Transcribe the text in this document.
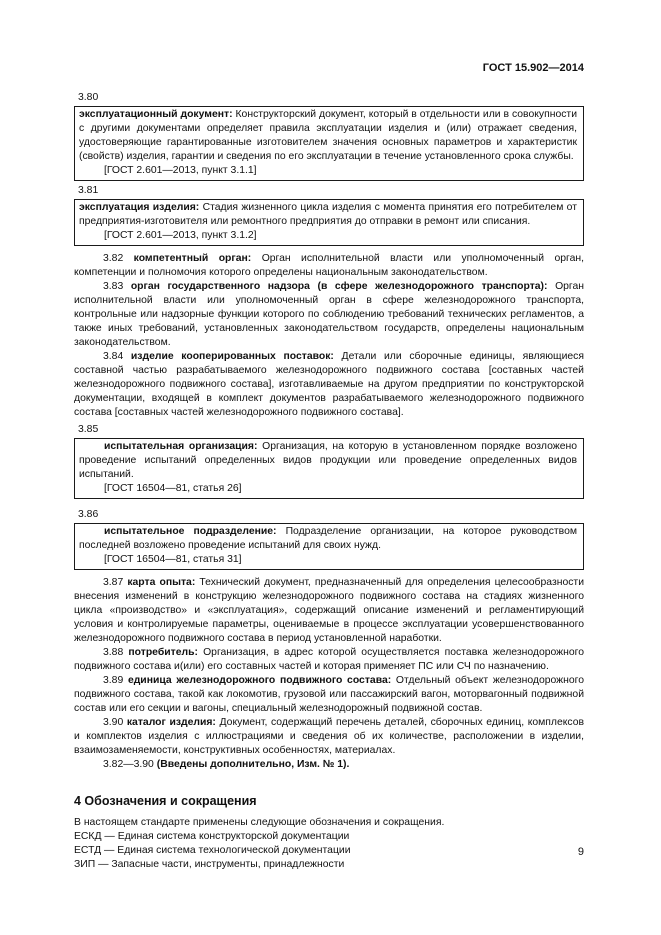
ГОСТ 15.902—2014
3.80

эксплуатационный документ: Конструкторский документ, который в отдельности или в совокупности с другими документами определяет правила эксплуатации изделия и (или) отражает сведения, удостоверяющие гарантированные изготовителем значения основных параметров и характеристик (свойств) изделия, гарантии и сведения по его эксплуатации в течение установленного срока службы.

[ГОСТ 2.601—2013, пункт 3.1.1]

3.81

эксплуатация изделия: Стадия жизненного цикла изделия с момента принятия его потребителем от предприятия-изготовителя или ремонтного предприятия до отправки в ремонт или списания.

[ГОСТ 2.601—2013, пункт 3.1.2]

3.82 компетентный орган: Орган исполнительной власти или уполномоченный орган, компетенции и полномочия которого определены национальным законодательством.

3.83 орган государственного надзора (в сфере железнодорожного транспорта): Орган исполнительной власти или уполномоченный орган в сфере железнодорожного транспорта, контрольные или надзорные функции которого по соблюдению требований технических регламентов, а также иных требований, установленных законодательством государств, определены национальным законодательством.

3.84 изделие кооперированных поставок: Детали или сборочные единицы, являющиеся составной частью разрабатываемого железнодорожного подвижного состава [составных частей железнодорожного подвижного состава], изготавливаемые на другом предприятии по конструкторской документации, входящей в комплект документов разрабатываемого железнодорожного подвижного состава [составных частей железнодорожного подвижного состава].

3.85

испытательная организация: Организация, на которую в установленном порядке возложено проведение испытаний определенных видов продукции или проведение определенных видов испытаний.

[ГОСТ 16504—81, статья 26]

3.86

испытательное подразделение: Подразделение организации, на которое руководством последней возложено проведение испытаний для своих нужд.

[ГОСТ 16504—81, статья 31]

3.87 карта опыта: Технический документ, предназначенный для определения целесообразности внесения изменений в конструкцию железнодорожного подвижного состава на стадиях жизненного цикла «производство» и «эксплуатация», содержащий описание изменений и регламентирующий условия и контролируемые параметры, оцениваемые в процессе эксплуатации усовершенствованного железнодорожного подвижного состава в период установленной наработки.

3.88 потребитель: Организация, в адрес которой осуществляется поставка железнодорожного подвижного состава и(или) его составных частей и которая применяет ПС или СЧ по назначению.

3.89 единица железнодорожного подвижного состава: Отдельный объект железнодорожного подвижного состава, такой как локомотив, грузовой или пассажирский вагон, моторвагонный подвижной состав или его секции и вагоны, специальный железнодорожный подвижной состав.

3.90 каталог изделия: Документ, содержащий перечень деталей, сборочных единиц, комплексов и комплектов изделия с иллюстрациями и сведения об их количестве, расположении в изделии, взаимозаменяемости, конструктивных особенностях, материалах.

3.82—3.90 (Введены дополнительно, Изм. № 1).

4 Обозначения и сокращения

В настоящем стандарте применены следующие обозначения и сокращения.

ЕСКД — Единая система конструкторской документации

ЕСТД — Единая система технологической документации

ЗИП — Запасные части, инструменты, принадлежности

9
